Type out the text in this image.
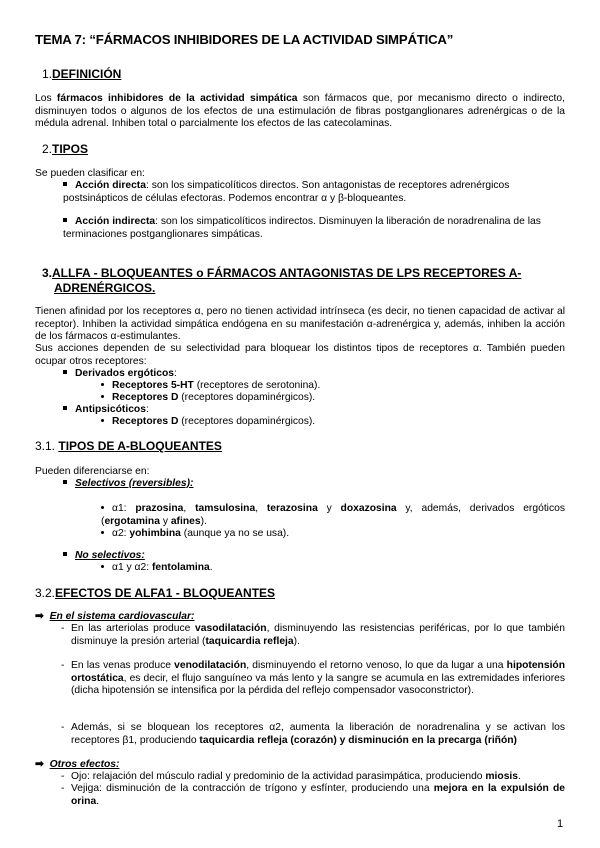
TEMA 7: “FÁRMACOS INHIBIDORES DE LA ACTIVIDAD SIMPÁTICA”
1.DEFINICIÓN
Los fármacos inhibidores de la actividad simpática son fármacos que, por mecanismo directo o indirecto, disminuyen todos o algunos de los efectos de una estimulación de fibras postganglionares adrenérgicas o de la médula adrenal. Inhiben total o parcialmente los efectos de las catecolaminas.
2.TIPOS
Se pueden clasificar en:
Acción directa: son los simpaticolíticos directos. Son antagonistas de receptores adrenérgicos postsinápticos de células efectoras. Podemos encontrar α y β-bloqueantes.
Acción indirecta: son los simpaticolíticos indirectos. Disminuyen la liberación de noradrenalina de las terminaciones postganglionares simpáticas.
3.ALLFA - BLOQUEANTES o FÁRMACOS ANTAGONISTAS DE LPS RECEPTORES A-
ADRENÉRGICOS.
Tienen afinidad por los receptores α, pero no tienen actividad intrínseca (es decir, no tienen capacidad de activar al receptor). Inhiben la actividad simpática endógena en su manifestación α-adrenérgica y, además, inhiben la acción de los fármacos α-estimulantes.
Sus acciones dependen de su selectividad para bloquear los distintos tipos de receptores α. También pueden ocupar otros receptores:
Derivados ergóticos:
Receptores 5-HT (receptores de serotonina).
Receptores D (receptores dopaminérgicos).
Antipsicóticos:
Receptores D (receptores dopaminérgicos).
3.1. TIPOS DE A-BLOQUEANTES
Pueden diferenciarse en:
Selectivos (reversibles):
α1: prazosina, tamsulosina, terazosina y doxazosina y, además, derivados ergóticos (ergotamina y afines).
α2: yohimbina (aunque ya no se usa).
No selectivos:
α1 y α2: fentolamina.
3.2.EFECTOS DE ALFA1 - BLOQUEANTES
➡ En el sistema cardiovascular:
- En las arteriolas produce vasodilatación, disminuyendo las resistencias periféricas, por lo que también disminuye la presión arterial (taquicardia refleja).
- En las venas produce venodilatación, disminuyendo el retorno venoso, lo que da lugar a una hipotensión ortostática, es decir, el flujo sanguíneo va más lento y la sangre se acumula en las extremidades inferiores (dicha hipotensión se intensifica por la pérdida del reflejo compensador vasoconstrictor).
- Además, si se bloquean los receptores α2, aumenta la liberación de noradrenalina y se activan los receptores β1, produciendo taquicardia refleja (corazón) y disminución en la precarga (riñón)
➡ Otros efectos:
- Ojo: relajación del músculo radial y predominio de la actividad parasimpática, produciendo miosis.
- Vejiga: disminución de la contracción de trígono y esfínter, produciendo una mejora en la expulsión de orina.
1
